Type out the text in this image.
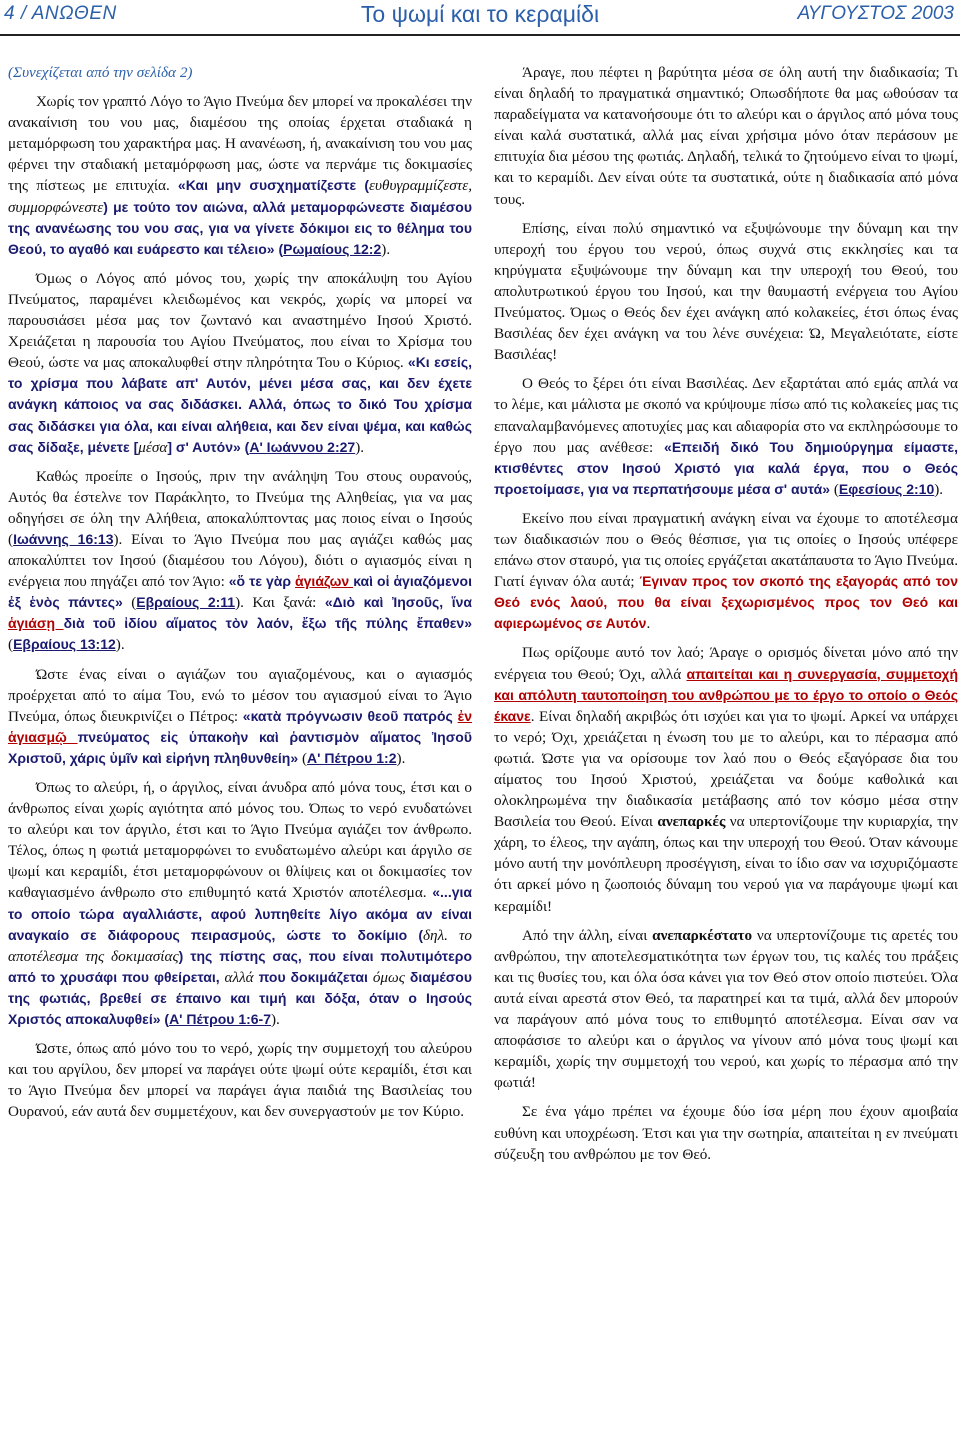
4 / ΑΝΩΘΕΝ	Το ψωμί και το κεραμίδι	ΑΥΓΟΥΣΤΟΣ 2003

(Συνεχίζεται από την σελίδα 2)

Χωρίς τον γραπτό Λόγο το Άγιο Πνεύμα δεν μπορεί να προκαλέσει την ανακαίνιση του νου μας, διαμέσου της οποίας έρχεται σταδιακά η μεταμόρφωση του χαρακτήρα μας. Η ανανέωση, ή, ανακαίνιση του νου μας φέρνει την σταδιακή μεταμόρφωση μας, ώστε να περνάμε τις δοκιμασίες της πίστεως με επιτυχία. «Και μην συσχηματίζεστε (ευθυγραμμίζεστε, συμμορφώνεστε) με τούτο τον αιώνα, αλλά μεταμορφώνεστε διαμέσου της ανανέωσης του νου σας, για να γίνετε δόκιμοι εις το θέλημα του Θεού, το αγαθό και ευάρεστο και τέλειο» (Ρωμαίους 12:2).

Όμως ο Λόγος από μόνος του, χωρίς την αποκάλυψη του Αγίου Πνεύματος, παραμένει κλειδωμένος και νεκρός, χωρίς να μπορεί να παρουσιάσει μέσα μας τον ζωντανό και αναστημένο Ιησού Χριστό. Χρειάζεται η παρουσία του Αγίου Πνεύματος, που είναι το Χρίσμα του Θεού, ώστε να μας αποκαλυφθεί στην πληρότητα Του ο Κύριος. «Κι εσείς, το χρίσμα που λάβατε απ' Αυτόν, μένει μέσα σας, και δεν έχετε ανάγκη κάποιος να σας διδάσκει. Αλλά, όπως το δικό Του χρίσμα σας διδάσκει για όλα, και είναι αλήθεια, και δεν είναι ψέμα, και καθώς σας δίδαξε, μένετε [μέσα] σ' Αυτόν» (Α' Ιωάννου 2:27).

Καθώς προείπε ο Ιησούς, πριν την ανάληψη Του στους ουρανούς, Αυτός θα έστελνε τον Παράκλητο, το Πνεύμα της Αληθείας, για να μας οδηγήσει σε όλη την Αλήθεια, αποκαλύπτοντας μας ποιος είναι ο Ιησούς (Ιωάννης 16:13). Είναι το Άγιο Πνεύμα που μας αγιάζει καθώς μας αποκαλύπτει τον Ιησού (διαμέσου του Λόγου), διότι ο αγιασμός είναι η ενέργεια που πηγάζει από τον Άγιο: «ὅ τε γὰρ ἁγιάζων καὶ οἱ ἁγιαζόμενοι ἐξ ἑνὸς πάντες» (Εβραίους 2:11). Και ξανά: «Διὸ καὶ Ἰησοῦς, ἵνα ἁγιάσῃ διὰ τοῦ ἰδίου αἵματος τὸν λαόν, ἔξω τῆς πύλης ἔπαθεν» (Εβραίους 13:12).

Ώστε ένας είναι ο αγιάζων του αγιαζομένους, και ο αγιασμός προέρχεται από το αίμα Του, ενώ το μέσον του αγιασμού είναι το Άγιο Πνεύμα, όπως διευκρινίζει ο Πέτρος: «κατὰ πρόγνωσιν θεοῦ πατρός ἐν ἁγιασμῷ πνεύματος εἰς ὑπακοὴν καὶ ῥαντισμὸν αἵματος Ἰησοῦ Χριστοῦ, χάρις ὑμῖν καὶ εἰρήνη πληθυνθείη» (Α' Πέτρου 1:2).

Όπως το αλεύρι, ή, ο άργιλος, είναι άνυδρα από μόνα τους, έτσι και ο άνθρωπος είναι χωρίς αγιότητα από μόνος του. Όπως το νερό ενυδατώνει το αλεύρι και τον άργιλο, έτσι και το Άγιο Πνεύμα αγιάζει τον άνθρωπο. Τέλος, όπως η φωτιά μεταμορφώνει το ενυδατωμένο αλεύρι και άργιλο σε ψωμί και κεραμίδι, έτσι μεταμορφώνουν οι θλίψεις και οι δοκιμασίες τον καθαγιασμένο άνθρωπο στο επιθυμητό κατά Χριστόν αποτέλεσμα. «...για το οποίο τώρα αγαλλιάστε, αφού λυπηθείτε λίγο ακόμα αν είναι αναγκαίο σε διάφορους πειρασμούς, ώστε το δοκίμιο (δηλ. το αποτέλεσμα της δοκιμασίας) της πίστης σας, που είναι πολυτιμότερο από το χρυσάφι που φθείρεται, αλλά που δοκιμάζεται όμως διαμέσου της φωτιάς, βρεθεί σε έπαινο και τιμή και δόξα, όταν ο Ιησούς Χριστός αποκαλυφθεί» (Α' Πέτρου 1:6-7).

Ώστε, όπως από μόνο του το νερό, χωρίς την συμμετοχή του αλεύρου και του αργίλου, δεν μπορεί να παράγει ούτε ψωμί ούτε κεραμίδι, έτσι και το Άγιο Πνεύμα δεν μπορεί να παράγει άγια παιδιά της Βασιλείας του Ουρανού, εάν αυτά δεν συμμετέχουν, και δεν συνεργαστούν με τον Κύριο.

Άραγε, που πέφτει η βαρύτητα μέσα σε όλη αυτή την διαδικασία; Τι είναι δηλαδή το πραγματικά σημαντικό; Οπωσδήποτε θα μας ωθούσαν τα παραδείγματα να κατανοήσουμε ότι το αλεύρι και ο άργιλος από μόνα τους είναι καλά συστατικά, αλλά μας είναι χρήσιμα μόνο όταν περάσουν με επιτυχία δια μέσου της φωτιάς. Δηλαδή, τελικά το ζητούμενο είναι το ψωμί, και το κεραμίδι. Δεν είναι ούτε τα συστατικά, ούτε η διαδικασία από μόνα τους.

Επίσης, είναι πολύ σημαντικό να εξυψώνουμε την δύναμη και την υπεροχή του έργου του νερού, όπως συχνά στις εκκλησίες και τα κηρύγματα εξυψώνουμε την δύναμη και την υπεροχή του Θεού, του απολυτρωτικού έργου του Ιησού, και την θαυμαστή ενέργεια του Αγίου Πνεύματος. Όμως ο Θεός δεν έχει ανάγκη από κολακείες, έτσι όπως ένας Βασιλέας δεν έχει ανάγκη να του λένε συνέχεια: Ώ, Μεγαλειότατε, είστε Βασιλέας!

Ο Θεός το ξέρει ότι είναι Βασιλέας. Δεν εξαρτάται από εμάς απλά να το λέμε, και μάλιστα με σκοπό να κρύψουμε πίσω από τις κολακείες μας τις επαναλαμβανόμενες αποτυχίες μας και αδιαφορία στο να εκπληρώσουμε το έργο που μας ανέθεσε: «Επειδή δικό Του δημιούργημα είμαστε, κτισθέντες στον Ιησού Χριστό για καλά έργα, που ο Θεός προετοίμασε, για να περπατήσουμε μέσα σ' αυτά» (Εφεσίους 2:10).

Εκείνο που είναι πραγματική ανάγκη είναι να έχουμε το αποτέλεσμα των διαδικασιών που ο Θεός θέσπισε, για τις οποίες ο Ιησούς υπέφερε επάνω στον σταυρό, για τις οποίες εργάζεται ακατάπαυστα το Άγιο Πνεύμα. Γιατί έγιναν όλα αυτά; Έγιναν προς τον σκοπό της εξαγοράς από τον Θεό ενός λαού, που θα είναι ξεχωρισμένος προς τον Θεό και αφιερωμένος σε Αυτόν.

Πως ορίζουμε αυτό τον λαό; Άραγε ο ορισμός δίνεται μόνο από την ενέργεια του Θεού; Όχι, αλλά απαιτείται και η συνεργασία, συμμετοχή και απόλυτη ταυτοποίηση του ανθρώπου με το έργο το οποίο ο Θεός έκανε. Είναι δηλαδή ακριβώς ότι ισχύει και για το ψωμί. Αρκεί να υπάρχει το νερό; Όχι, χρειάζεται η ένωση του με το αλεύρι, και το πέρασμα από φωτιά. Ώστε για να ορίσουμε τον λαό που ο Θεός εξαγόρασε δια του αίματος του Ιησού Χριστού, χρειάζεται να δούμε καθολικά και ολοκληρωμένα την διαδικασία μετάβασης από τον κόσμο μέσα στην Βασιλεία του Θεού. Είναι ανεπαρκές να υπερτονίζουμε την κυριαρχία, την χάρη, το έλεος, την αγάπη, όπως και την υπεροχή του Θεού. Όταν κάνουμε μόνο αυτή την μονόπλευρη προσέγγιση, είναι το ίδιο σαν να ισχυριζόμαστε ότι αρκεί μόνο η ζωοποιός δύναμη του νερού για να παράγουμε ψωμί και κεραμίδι!

Από την άλλη, είναι ανεπαρκέστατο να υπερτονίζουμε τις αρετές του ανθρώπου, την αποτελεσματικότητα των έργων του, τις καλές του πράξεις και τις θυσίες του, και όλα όσα κάνει για τον Θεό στον οποίο πιστεύει. Όλα αυτά είναι αρεστά στον Θεό, τα παρατηρεί και τα τιμά, αλλά δεν μπορούν να παράγουν από μόνα τους το επιθυμητό αποτέλεσμα. Είναι σαν να αποφάσισε το αλεύρι και ο άργιλος να γίνουν από μόνα τους ψωμί και κεραμίδι, χωρίς την συμμετοχή του νερού, και χωρίς το πέρασμα από την φωτιά!

Σε ένα γάμο πρέπει να έχουμε δύο ίσα μέρη που έχουν αμοιβαία ευθύνη και υποχρέωση. Έτσι και για την σωτηρία, απαιτείται η εν πνεύματι σύζευξη του ανθρώπου με τον Θεό.
